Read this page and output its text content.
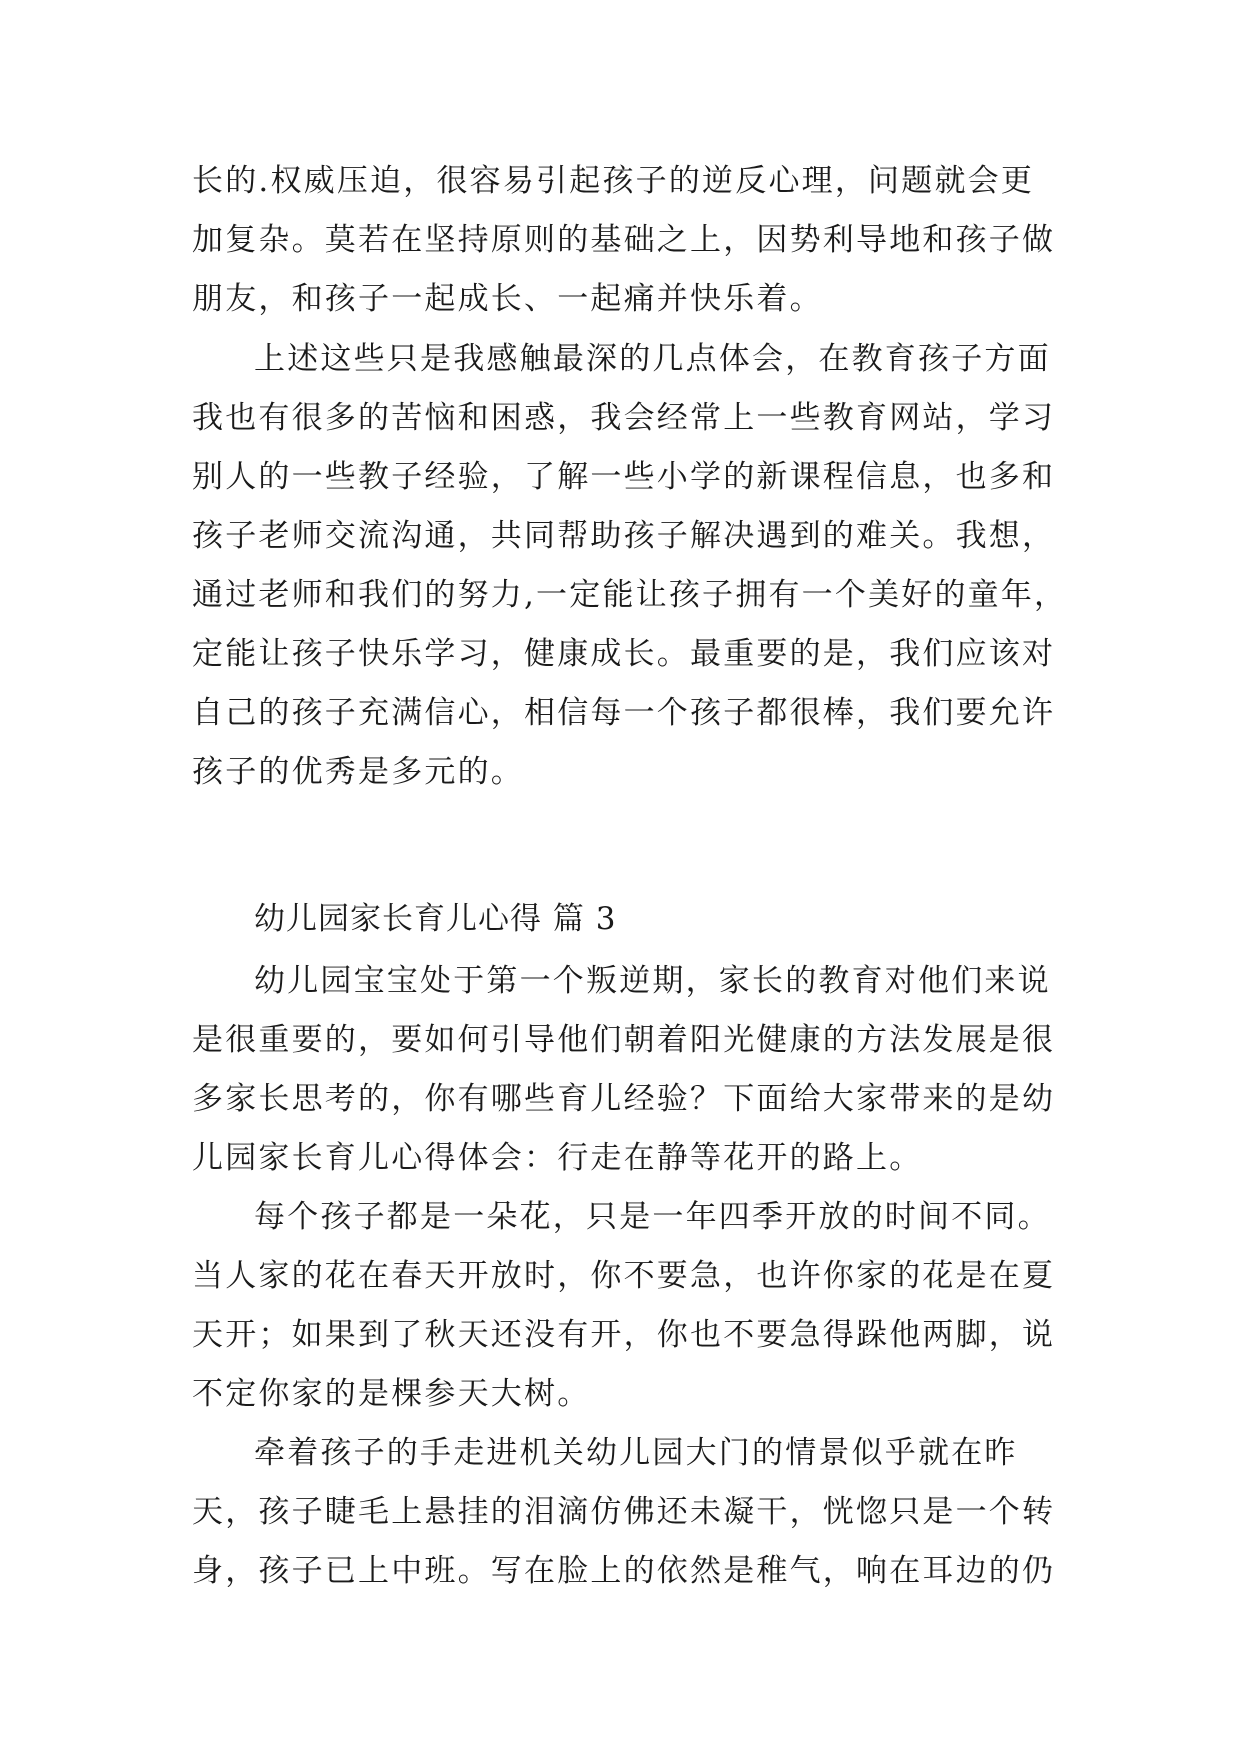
长的.权威压迫，很容易引起孩子的逆反心理，问题就会更
加复杂。莫若在坚持原则的基础之上，因势利导地和孩子做
朋友，和孩子一起成长、一起痛并快乐着。
上述这些只是我感触最深的几点体会，在教育孩子方面
我也有很多的苦恼和困惑，我会经常上一些教育网站，学习
别人的一些教子经验，了解一些小学的新课程信息，也多和
孩子老师交流沟通，共同帮助孩子解决遇到的难关。我想，
通过老师和我们的努力,一定能让孩子拥有一个美好的童年，
定能让孩子快乐学习，健康成长。最重要的是，我们应该对
自己的孩子充满信心，相信每一个孩子都很棒，我们要允许
孩子的优秀是多元的。
幼儿园家长育儿心得 篇 3
幼儿园宝宝处于第一个叛逆期，家长的教育对他们来说
是很重要的，要如何引导他们朝着阳光健康的方法发展是很
多家长思考的，你有哪些育儿经验？下面给大家带来的是幼
儿园家长育儿心得体会：行走在静等花开的路上。
每个孩子都是一朵花，只是一年四季开放的时间不同。
当人家的花在春天开放时，你不要急，也许你家的花是在夏
天开；如果到了秋天还没有开，你也不要急得跺他两脚，说
不定你家的是棵参天大树。
牵着孩子的手走进机关幼儿园大门的情景似乎就在昨
天，孩子睫毛上悬挂的泪滴仿佛还未凝干，恍惚只是一个转
身，孩子已上中班。写在脸上的依然是稚气，响在耳边的仍
